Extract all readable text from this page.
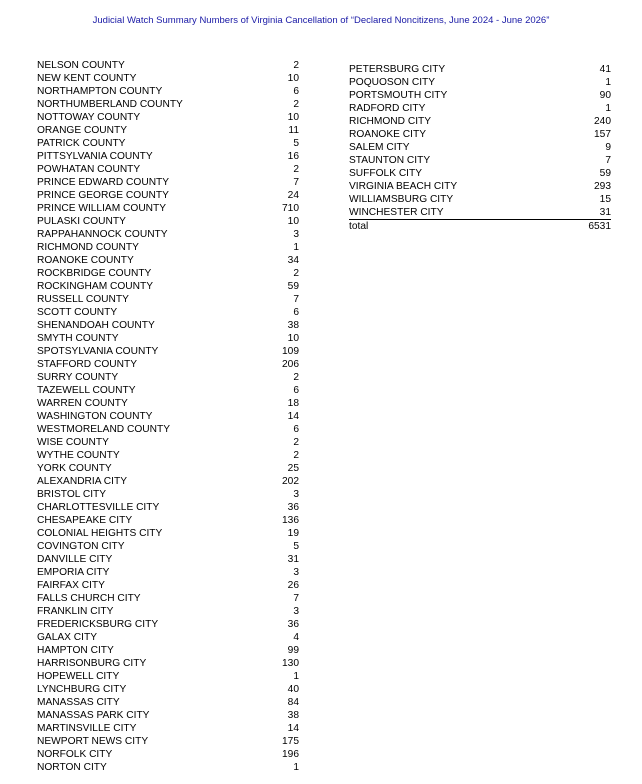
Judicial Watch Summary Numbers of Virginia Cancellation of “Declared Noncitizens, June 2024 - June 2026”
NELSON COUNTY	2
NEW KENT COUNTY	10
NORTHAMPTON COUNTY	6
NORTHUMBERLAND COUNTY	2
NOTTOWAY COUNTY	10
ORANGE COUNTY	11
PATRICK COUNTY	5
PITTSYLVANIA COUNTY	16
POWHATAN COUNTY	2
PRINCE EDWARD COUNTY	7
PRINCE GEORGE COUNTY	24
PRINCE WILLIAM COUNTY	710
PULASKI COUNTY	10
RAPPAHANNOCK COUNTY	3
RICHMOND COUNTY	1
ROANOKE COUNTY	34
ROCKBRIDGE COUNTY	2
ROCKINGHAM COUNTY	59
RUSSELL COUNTY	7
SCOTT COUNTY	6
SHENANDOAH COUNTY	38
SMYTH COUNTY	10
SPOTSYLVANIA COUNTY	109
STAFFORD COUNTY	206
SURRY COUNTY	2
TAZEWELL COUNTY	6
WARREN COUNTY	18
WASHINGTON COUNTY	14
WESTMORELAND COUNTY	6
WISE COUNTY	2
WYTHE COUNTY	2
YORK COUNTY	25
ALEXANDRIA CITY	202
BRISTOL CITY	3
CHARLOTTESVILLE CITY	36
CHESAPEAKE CITY	136
COLONIAL HEIGHTS CITY	19
COVINGTON CITY	5
DANVILLE CITY	31
EMPORIA CITY	3
FAIRFAX CITY	26
FALLS CHURCH CITY	7
FRANKLIN CITY	3
FREDERICKSBURG CITY	36
GALAX CITY	4
HAMPTON CITY	99
HARRISONBURG CITY	130
HOPEWELL CITY	1
LYNCHBURG CITY	40
MANASSAS CITY	84
MANASSAS PARK CITY	38
MARTINSVILLE CITY	14
NEWPORT NEWS CITY	175
NORFOLK CITY	196
NORTON CITY	1
PETERSBURG CITY	41
POQUOSON CITY	1
PORTSMOUTH CITY	90
RADFORD CITY	1
RICHMOND CITY	240
ROANOKE CITY	157
SALEM CITY	9
STAUNTON CITY	7
SUFFOLK CITY	59
VIRGINIA BEACH CITY	293
WILLIAMSBURG CITY	15
WINCHESTER CITY	31
total	6531
